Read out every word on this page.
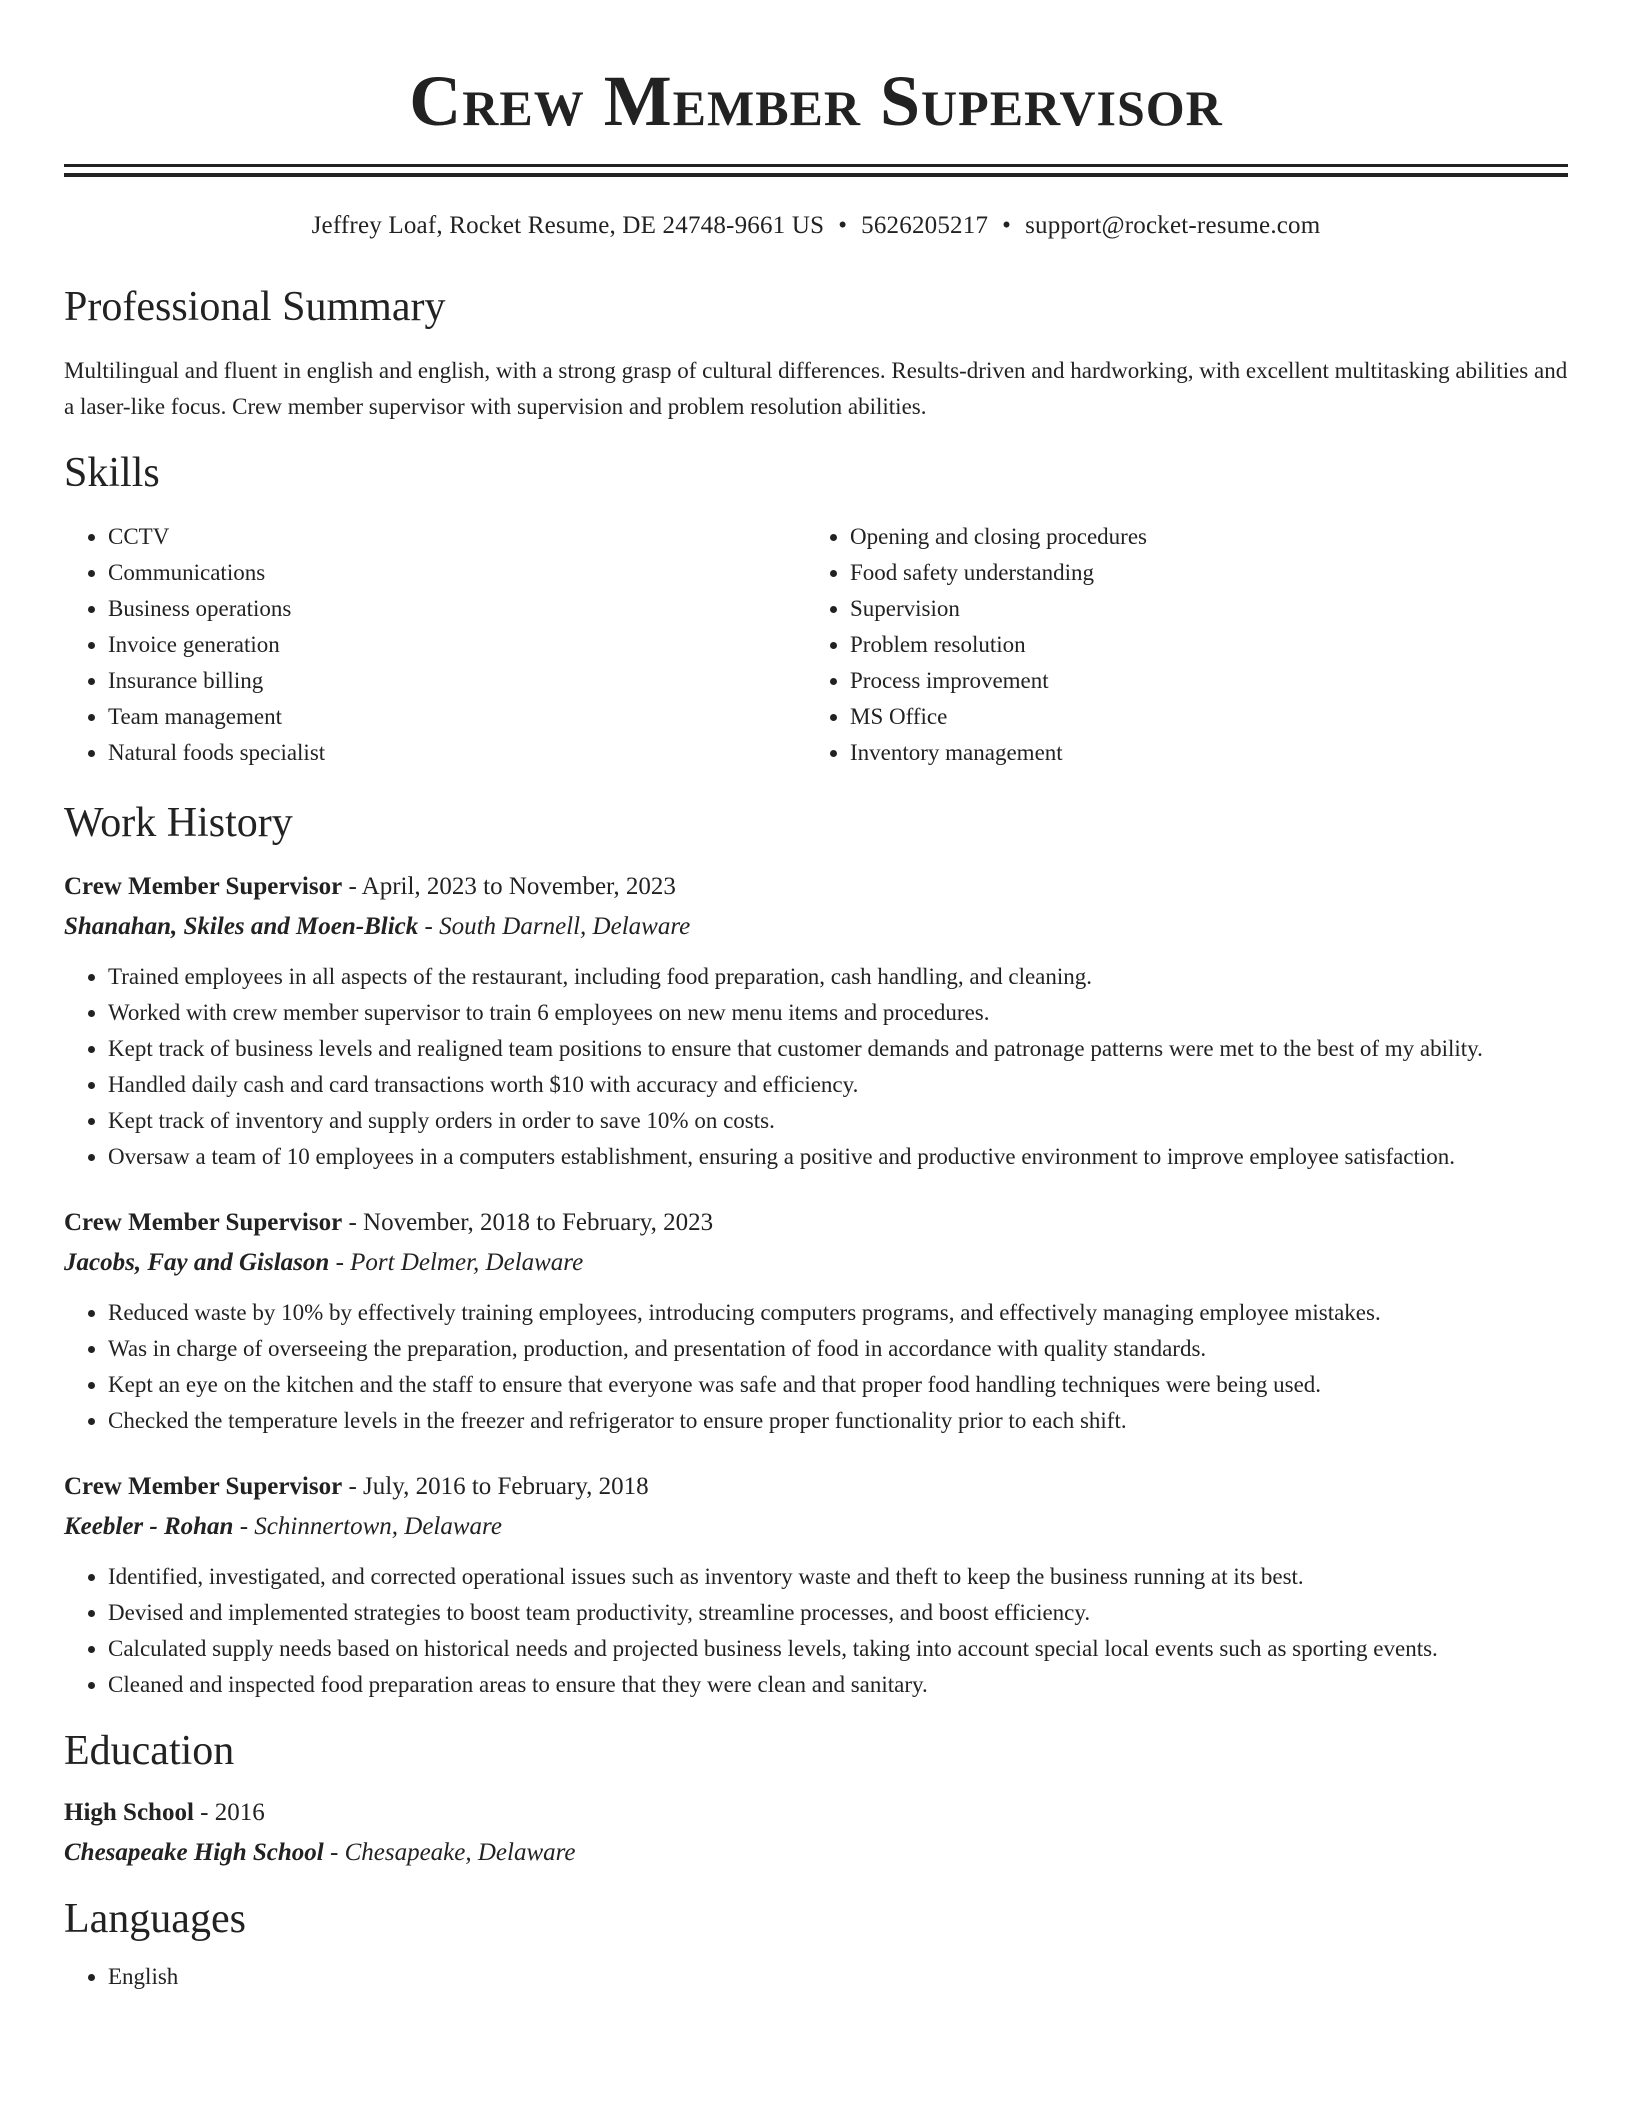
Crew Member Supervisor
Jeffrey Loaf, Rocket Resume, DE 24748-9661 US • 5626205217 • support@rocket-resume.com
Professional Summary
Multilingual and fluent in english and english, with a strong grasp of cultural differences. Results-driven and hardworking, with excellent multitasking abilities and a laser-like focus. Crew member supervisor with supervision and problem resolution abilities.
Skills
• CCTV
• Communications
• Business operations
• Invoice generation
• Insurance billing
• Team management
• Natural foods specialist
• Opening and closing procedures
• Food safety understanding
• Supervision
• Problem resolution
• Process improvement
• MS Office
• Inventory management
Work History
Crew Member Supervisor - April, 2023 to November, 2023
Shanahan, Skiles and Moen-Blick - South Darnell, Delaware
• Trained employees in all aspects of the restaurant, including food preparation, cash handling, and cleaning.
• Worked with crew member supervisor to train 6 employees on new menu items and procedures.
• Kept track of business levels and realigned team positions to ensure that customer demands and patronage patterns were met to the best of my ability.
• Handled daily cash and card transactions worth $10 with accuracy and efficiency.
• Kept track of inventory and supply orders in order to save 10% on costs.
• Oversaw a team of 10 employees in a computers establishment, ensuring a positive and productive environment to improve employee satisfaction.
Crew Member Supervisor - November, 2018 to February, 2023
Jacobs, Fay and Gislason - Port Delmer, Delaware
• Reduced waste by 10% by effectively training employees, introducing computers programs, and effectively managing employee mistakes.
• Was in charge of overseeing the preparation, production, and presentation of food in accordance with quality standards.
• Kept an eye on the kitchen and the staff to ensure that everyone was safe and that proper food handling techniques were being used.
• Checked the temperature levels in the freezer and refrigerator to ensure proper functionality prior to each shift.
Crew Member Supervisor - July, 2016 to February, 2018
Keebler - Rohan - Schinnertown, Delaware
• Identified, investigated, and corrected operational issues such as inventory waste and theft to keep the business running at its best.
• Devised and implemented strategies to boost team productivity, streamline processes, and boost efficiency.
• Calculated supply needs based on historical needs and projected business levels, taking into account special local events such as sporting events.
• Cleaned and inspected food preparation areas to ensure that they were clean and sanitary.
Education
High School - 2016
Chesapeake High School - Chesapeake, Delaware
Languages
• English
